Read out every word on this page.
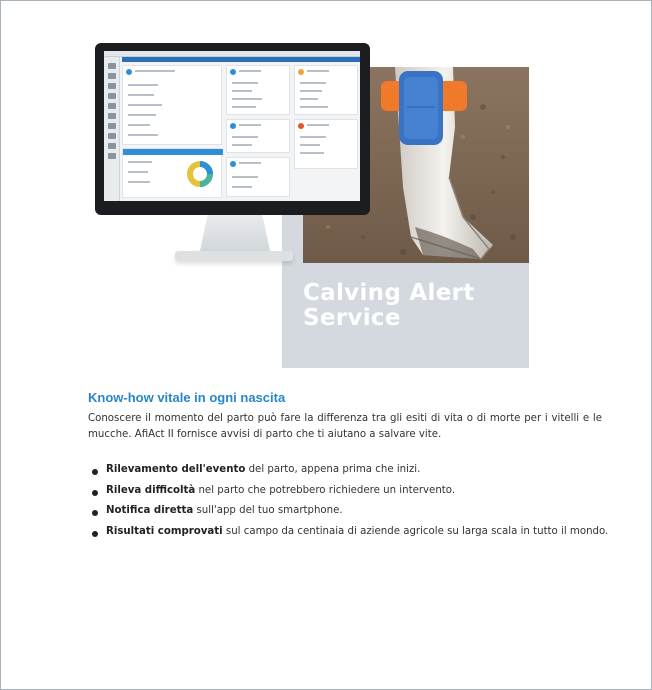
Calving Alert
Service
Know-how vitale in ogni nascita

Conoscere il momento del parto può fare la differenza tra gli esiti di vita o di morte per i vitelli e le mucche. AfiAct II fornisce avvisi di parto che ti aiutano a salvare vite.

Rilevamento dell'evento del parto, appena prima che inizi.
Rileva difficoltà nel parto che potrebbero richiedere un intervento.
Notifica diretta sull'app del tuo smartphone.
Risultati comprovati sul campo da centinaia di aziende agricole su larga scala in tutto il mondo.
